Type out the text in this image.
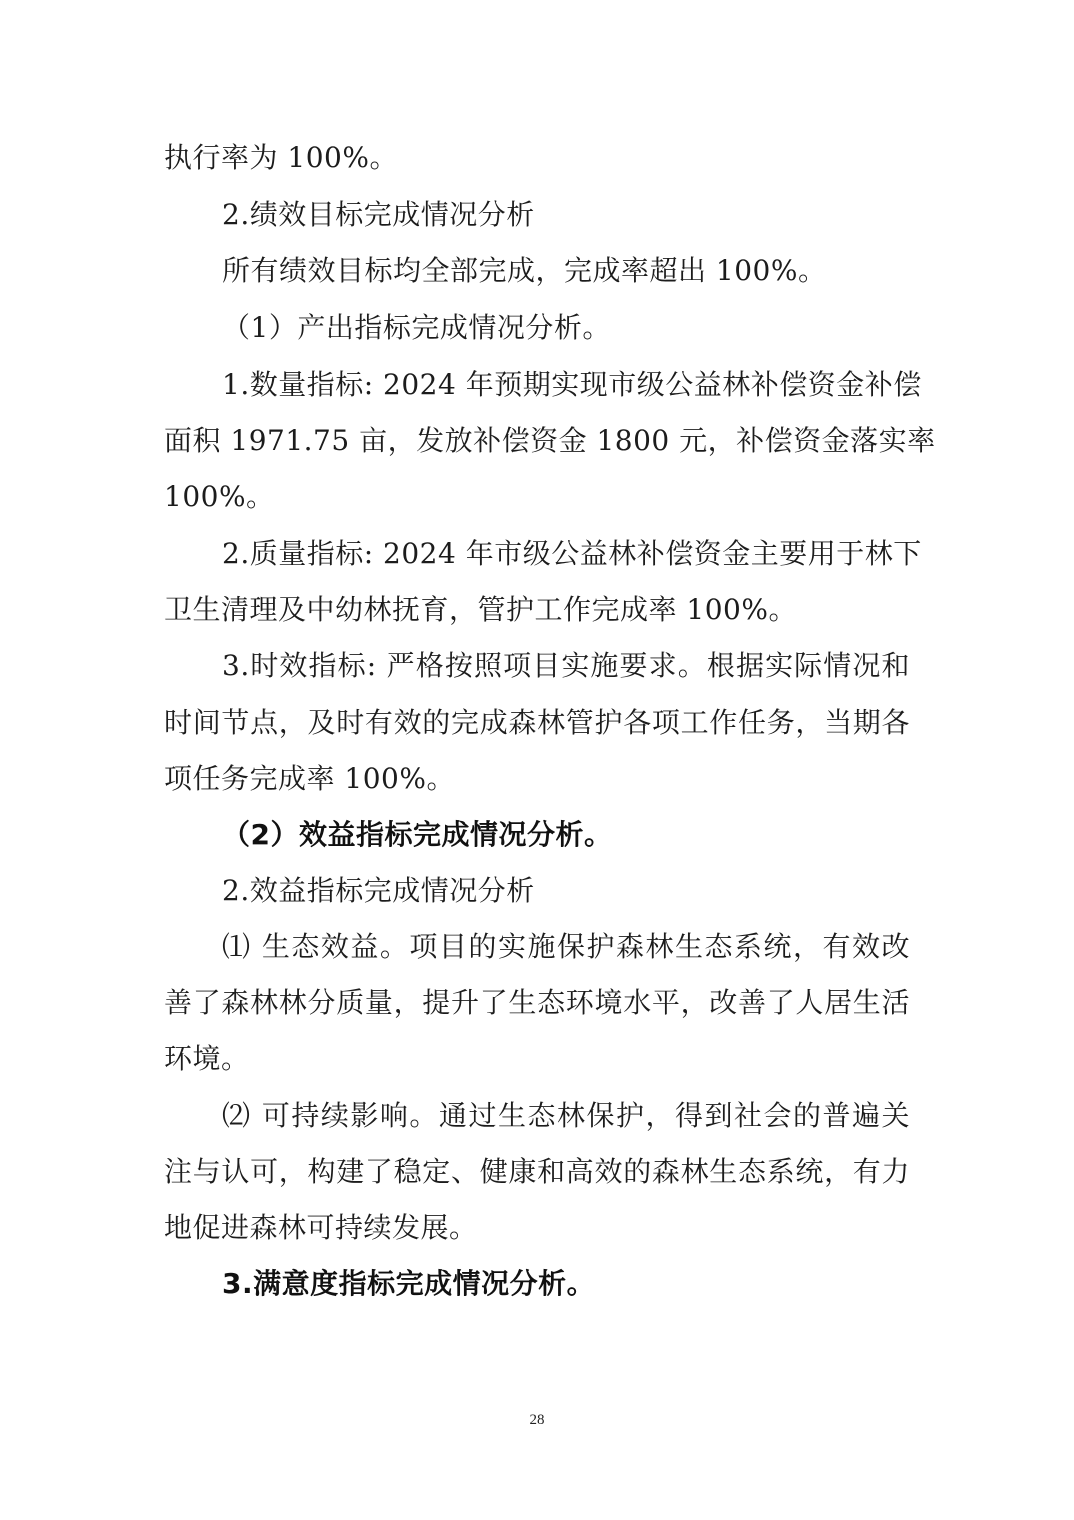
执行率为 100%。
2.绩效目标完成情况分析
所有绩效目标均全部完成，完成率超出 100%。
（1）产出指标完成情况分析。
1.数量指标: 2024 年预期实现市级公益林补偿资金补偿
面积 1971.75 亩，发放补偿资金 1800 元，补偿资金落实率
100%。
2.质量指标: 2024 年市级公益林补偿资金主要用于林下
卫生清理及中幼林抚育，管护工作完成率 100%。
3.时效指标: 严格按照项目实施要求。根据实际情况和
时间节点，及时有效的完成森林管护各项工作任务，当期各
项任务完成率 100%。
（2）效益指标完成情况分析。
2.效益指标完成情况分析
⑴ 生态效益。项目的实施保护森林生态系统，有效改
善了森林林分质量，提升了生态环境水平，改善了人居生活
环境。
⑵ 可持续影响。通过生态林保护，得到社会的普遍关
注与认可，构建了稳定、健康和高效的森林生态系统，有力
地促进森林可持续发展。
3.满意度指标完成情况分析。
28
